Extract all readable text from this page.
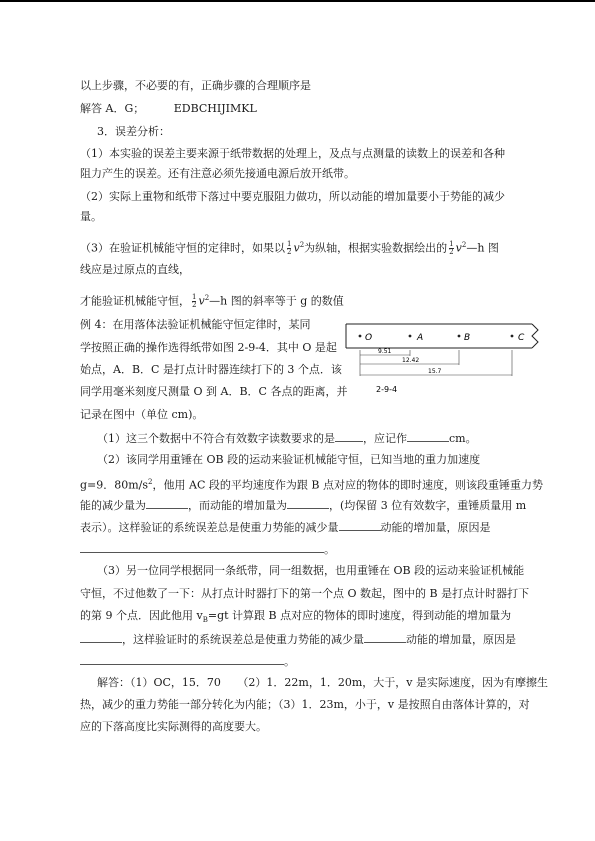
以上步骤，不必要的有，正确步骤的合理顺序是
解答 A．G；	EDBCHIJIMKL
3．误差分析：
（1）本实验的误差主要来源于纸带数据的处理上，及点与点测量的读数上的误差和各种
阻力产生的误差。还有注意必须先接通电源后放开纸带。
（2）实际上重物和纸带下落过中要克服阻力做功，所以动能的增加量要小于势能的减少
量。
（3）在验证机械能守恒的定律时，如果以 $\frac{1}{2} v^2$为纵轴，根据实验数据绘出的 $\frac{1}{2}$ $v^2—h$ 图
线应是过原点的直线，
才能验证机械能守恒， $\frac{1}{2}$ $v^2—h$ 图的斜率等于 g 的数值
例 4：在用落体法验证机械能守恒定律时，某同
学按照正确的操作选得纸带如图 2-9-4．其中 O 是起
始点，A．B．C 是打点计时器连续打下的 3 个点．该
同学用毫米刻度尺测量 O 到 A．B．C 各点的距离，并
记录在图中（单位 cm)。
O	A	B	C
9.51
12.42
15.7
2-9-4
（1）这三个数据中不符合有效数字读数要求的是	，应记作	cm。
（2）该同学用重锤在 OB 段的运动来验证机械能守恒，已知当地的重力加速度
g=9．$80m/s^2$，他用 AC 段的平均速度作为跟 B 点对应的物体的即时速度，则该段重锤重力势
能的减少量为	，而动能的增加量为	，(均保留 3 位有效数字，重锤质量用 m
表示）。这样验证的系统误差总是使重力势能的减少量	动能的增加量，原因是
。
（3）另一位同学根据同一条纸带，同一组数据，也用重锤在 OB 段的运动来验证机械能
守恒，不过他数了一下：从打点计时器打下的第一个点 O 数起，图中的 B 是打点计时器打下
的第 9 个点．因此他用 $v_B=gt$ 计算跟 B 点对应的物体的即时速度，得到动能的增加量为
，这样验证时的系统误差总是使重力势能的减少量	动能的增加量，原因是
。
解答：（1）OC，15．70　　（2）1．22m，1．20m，大于，v 是实际速度，因为有摩擦生
热，减少的重力势能一部分转化为内能；（3）1．23m，小于，v 是按照自由落体计算的，对
应的下落高度比实际测得的高度要大。
